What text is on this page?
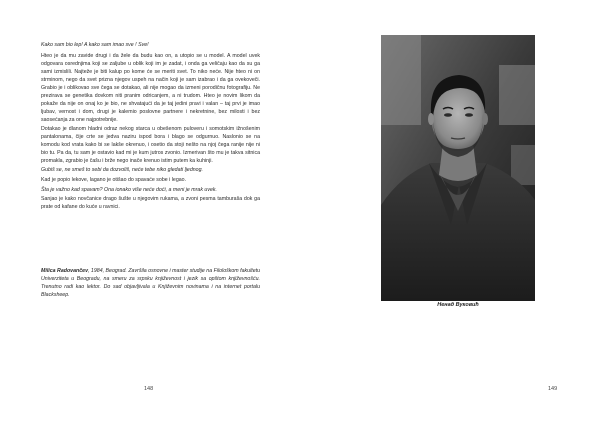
Kako sam bio lep! A kako sam imao sve ! Sve!

Hteo je da mu zavide drugi i da žele da budu kao on, a utopio se u model. A model uvek odgovara osrednjima koji se zaljube u oblik koji im je zadat, i onda ga veličaju kao da su ga sami izmislili. Najteže je biti kalup po kome će se meriti svet. To niko neće. Nije hteo ni on strminom, nego da svet prizna njegov uspeh na način koji je sam izabrao i da ga ovekoveči. Grabio je i oblikovao sve čega se dotakao, ali nije mogao da izmeni porodičnu fotografiju. Ne prezirava se genetika dovkom niti pranim odricanjem, a ni trudom. Hteo je novim likom da pokaže da nije on onaj ko je bio, ne shvatajući da je taj jedini pravi i valan – taj prvi je imao ljubav, vernost i dom, drugi je kalemio poslovne partnere i nekretnine, bez milosti i bez saosećanja za one najpotrebnije.

Dotakao je dlanom hladni odraz nekog starca u obešenom puloveru i somotskim ižnošenim pantalonama, čije crte se jedva naziru ispod bora i blago se odgurnuo. Naslonio se na komodu kod vrata kako bi se lakše okrenuo, i osetio da stoji nešto na njoj čega ranije nije ni bio tu. Pa da, tu sam je ostavio kad mi je kum jutros zvonio. Izmerivan što mu je takva sitnica promakla, zgrabio je čašu i brže nego inače krenuo istim putem ka kuhinji.

Gubiš se, ne smeš to sebi da dozvoliš, neće tebe niko gledati ljednog.

Kad je popio lekove, lagano je otišao do spavaće sobe i legao.

Šta je važno kad spavam? Ona ionako više neće doći, a meni je mrak uvek.

Sanjao je kako novčanice drago šušte u njegovim rukama, a zvoni pesma tamburaša dok ga prate od kafane do kuće u ravnici.

Milica Radovančev, 1984, Beograd. Završila osnovne i master studije na Filološkom fakultetu Univerziteta u Beogradu, na smeru za srpsku književnost i jezik sa opštom književnošću. Trenutno radi kao lektor. Do sad objavljivala u Književnim novinama i na internet portalu Blacksheep.
148
Ненад Вуковић
149
